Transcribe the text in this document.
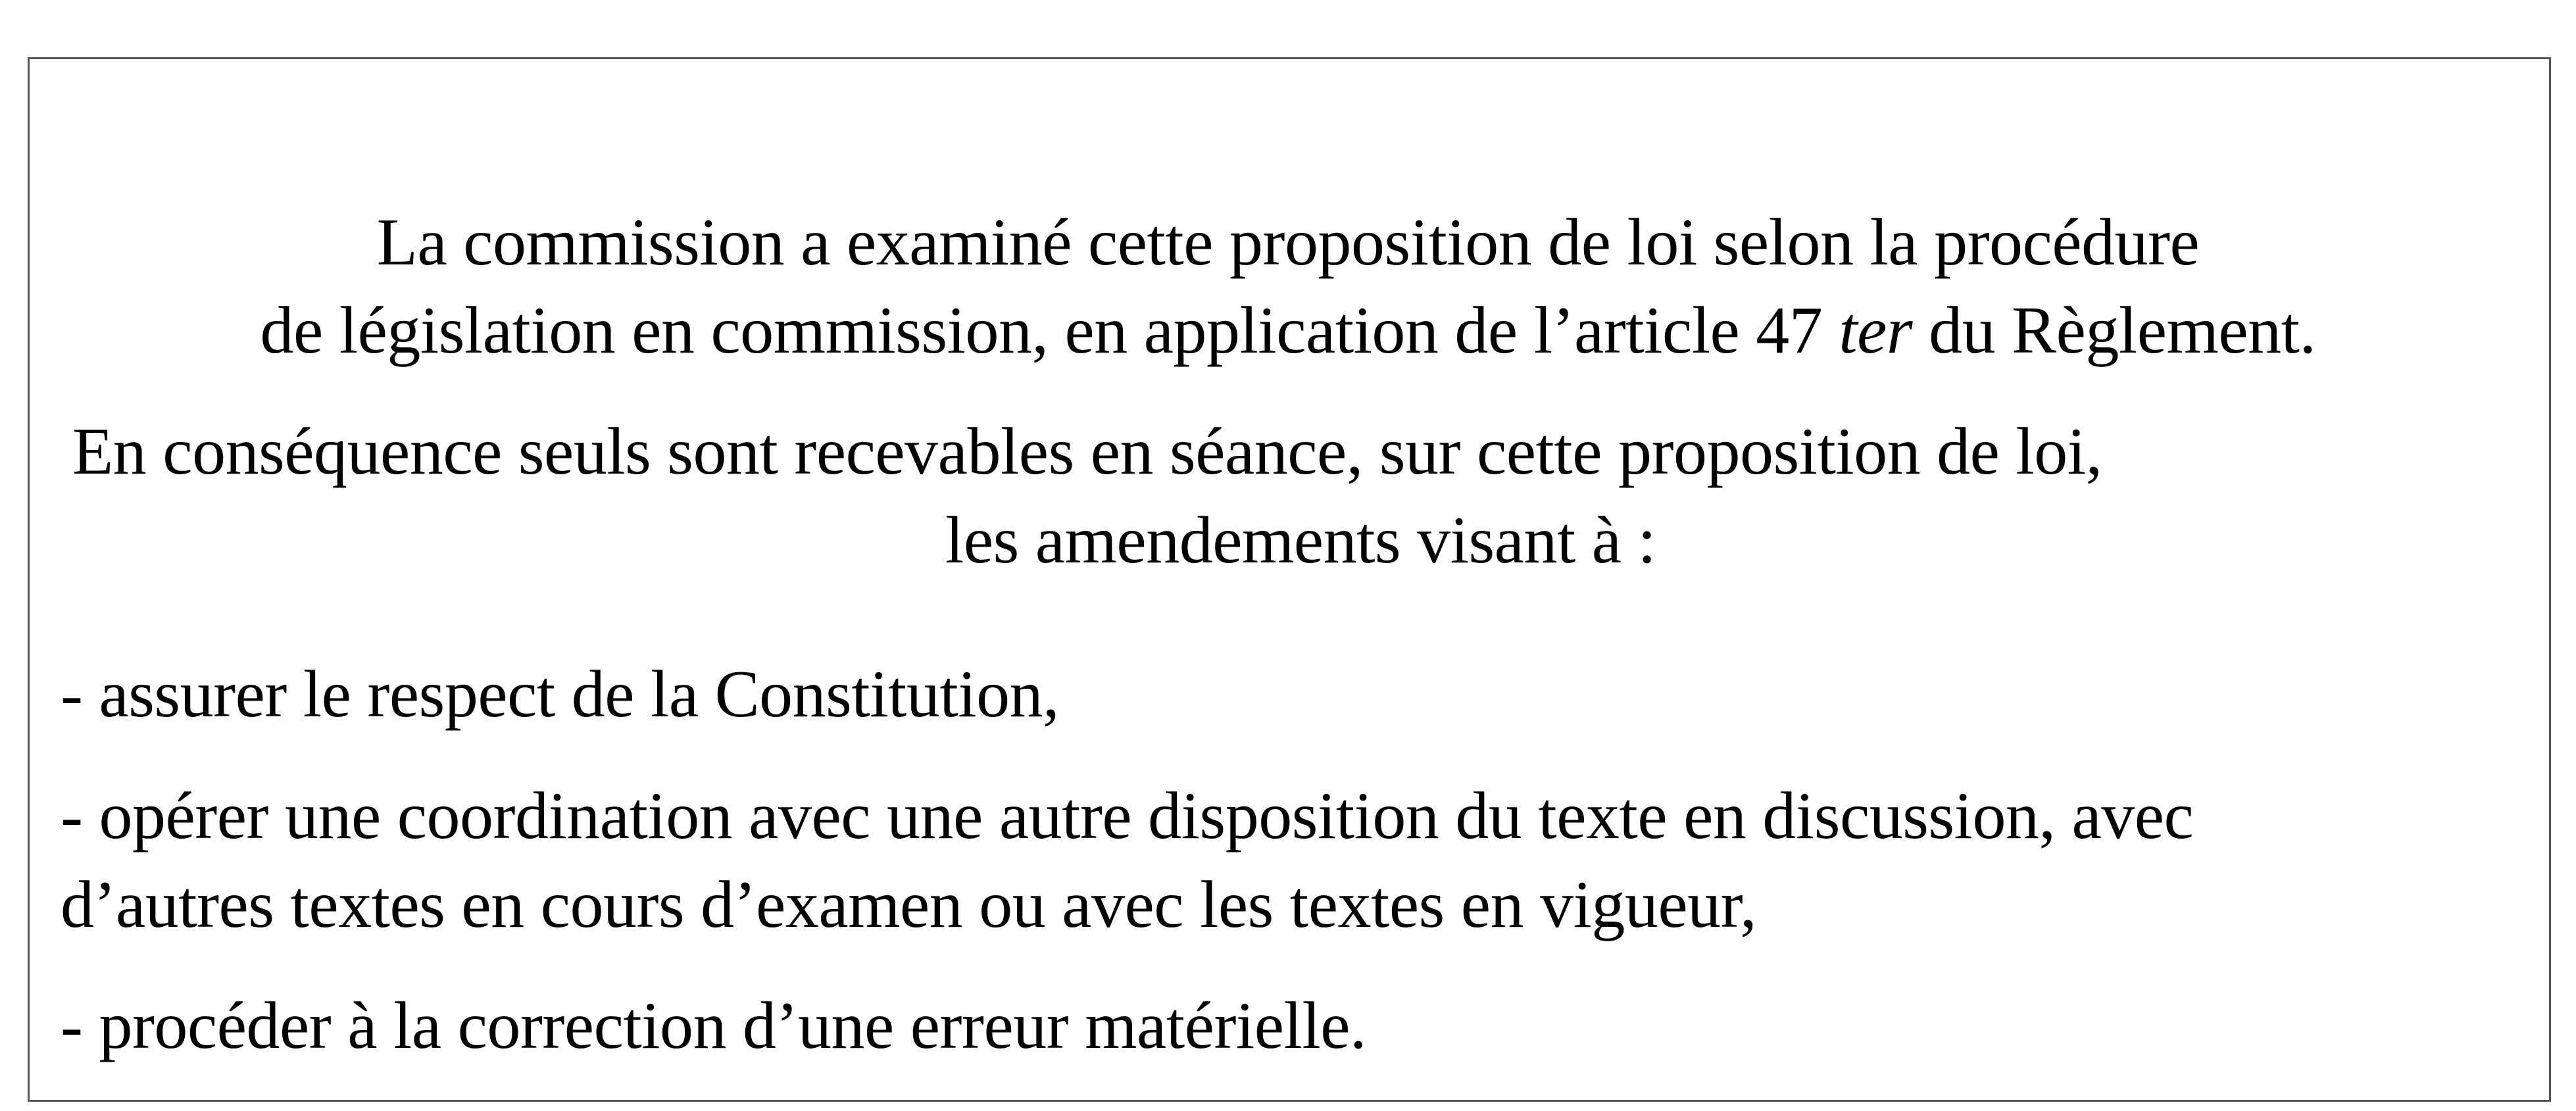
La commission a examiné cette proposition de loi selon la procédure
de législation en commission, en application de l’article 47 ter du Règlement.
En conséquence seuls sont recevables en séance, sur cette proposition de loi,
les amendements visant à :
- assurer le respect de la Constitution,
- opérer une coordination avec une autre disposition du texte en discussion, avec
d’autres textes en cours d’examen ou avec les textes en vigueur,
- procéder à la correction d’une erreur matérielle.
